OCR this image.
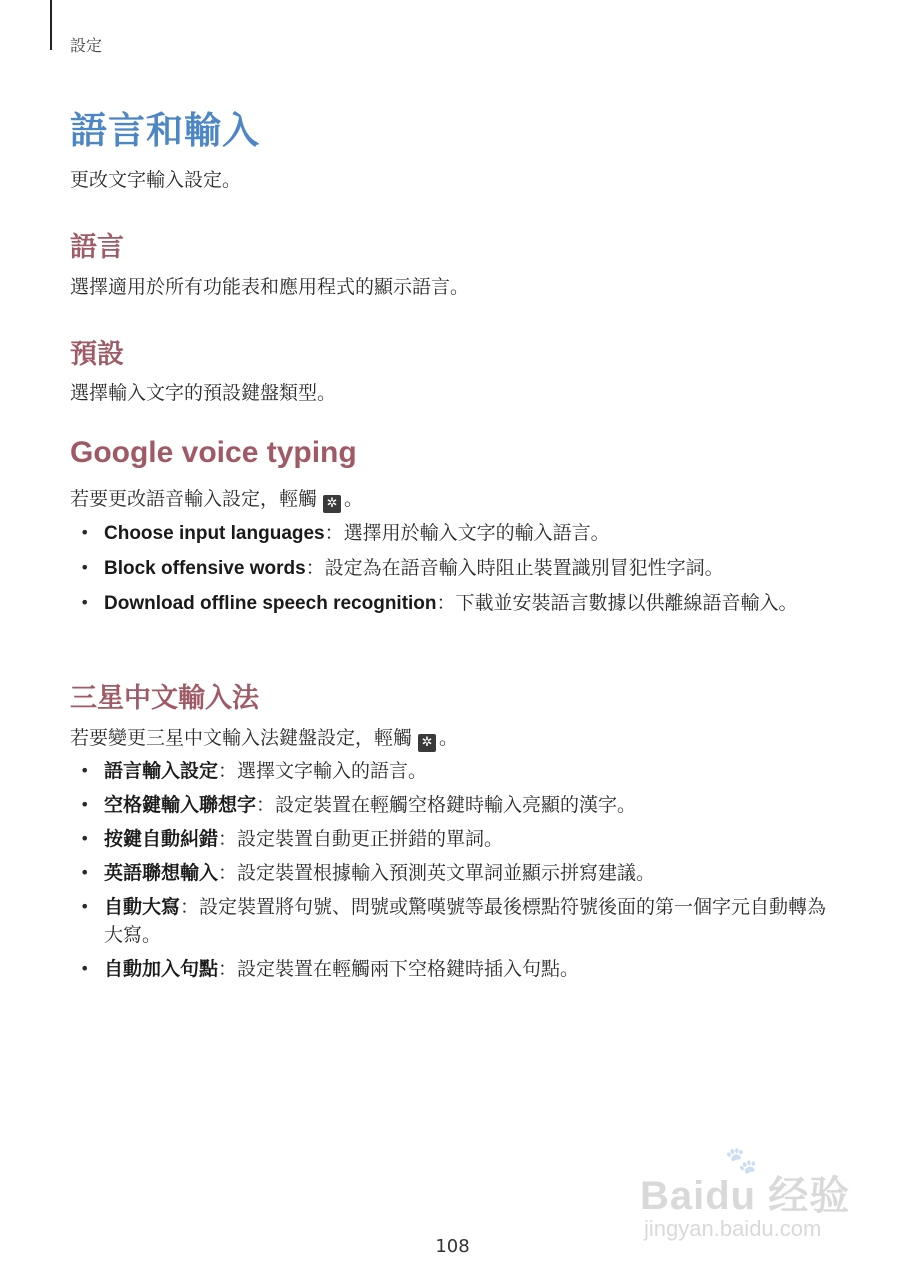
設定
語言和輸入

更改文字輸入設定。

語言

選擇適用於所有功能表和應用程式的顯示語言。

預設

選擇輸入文字的預設鍵盤類型。

Google voice typing

若要更改語音輸入設定，輕觸 ✲ 。

• Choose input languages：選擇用於輸入文字的輸入語言。
• Block offensive words：設定為在語音輸入時阻止裝置識別冒犯性字詞。
• Download offline speech recognition：下載並安裝語言數據以供離線語音輸入。
三星中文輸入法

若要變更三星中文輸入法鍵盤設定，輕觸 ✲ 。

• 語言輸入設定：選擇文字輸入的語言。
• 空格鍵輸入聯想字：設定裝置在輕觸空格鍵時輸入亮顯的漢字。
• 按鍵自動糾錯：設定裝置自動更正拼錯的單詞。
• 英語聯想輸入：設定裝置根據輸入預測英文單詞並顯示拼寫建議。
• 自動大寫：設定裝置將句號、問號或驚嘆號等最後標點符號後面的第一個字元自動轉為大寫。
• 自動加入句點：設定裝置在輕觸兩下空格鍵時插入句點。
🐾
Baidu 经验
jingyan.baidu.com
108
